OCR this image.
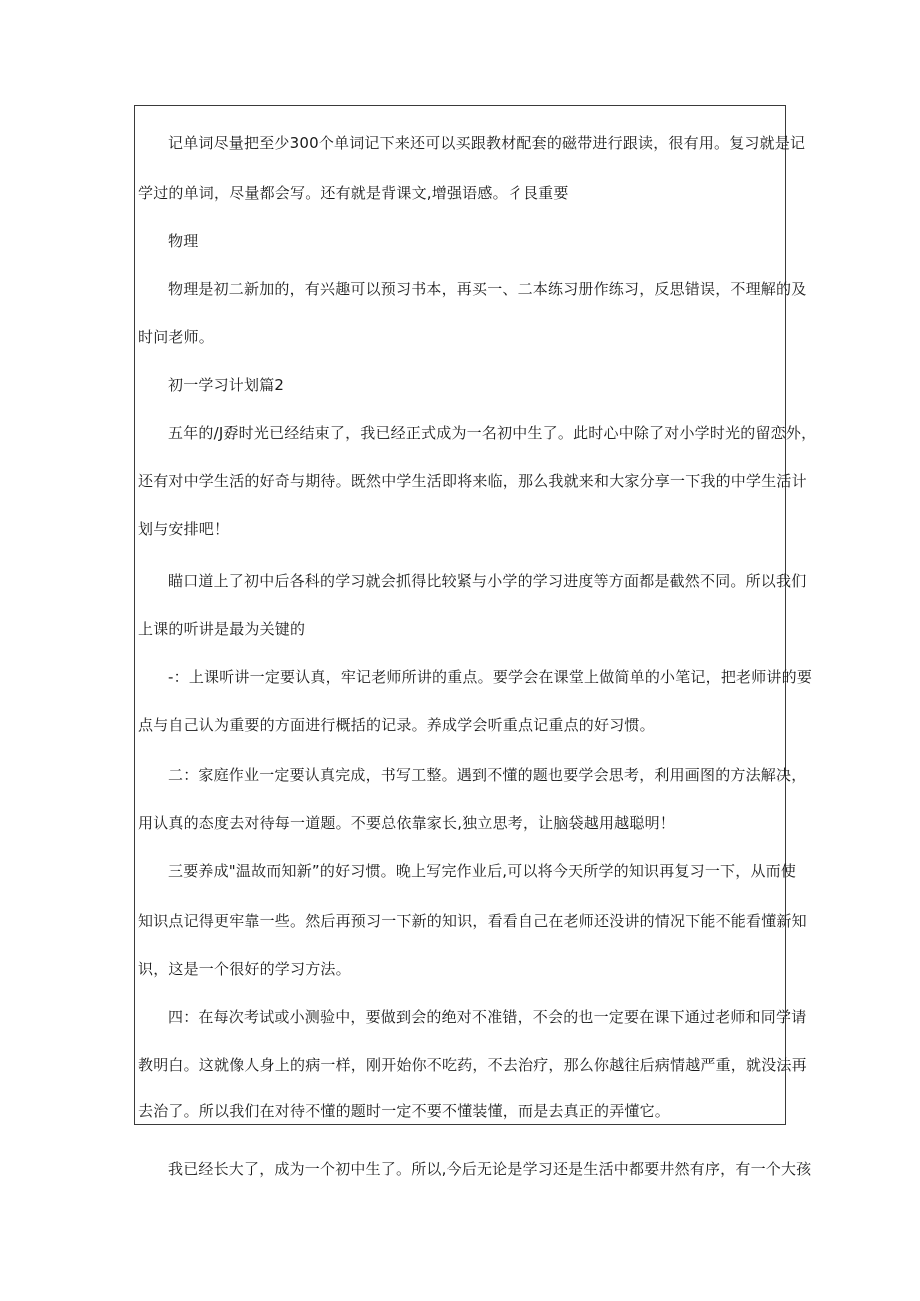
记单词尽量把至少300个单词记下来还可以买跟教材配套的磁带进行跟读，很有用。复习就是记
学过的单词，尽量都会写。还有就是背课文,增强语感。彳艮重要
物理
物理是初二新加的，有兴趣可以预习书本，再买一、二本练习册作练习，反思错误，不理解的及
时问老师。
初一学习计划篇2
五年的/J孬时光已经结束了，我已经正式成为一名初中生了。此时心中除了对小学时光的留恋外，
还有对中学生活的好奇与期待。既然中学生活即将来临，那么我就来和大家分享一下我的中学生活计
划与安排吧！
瞄口道上了初中后各科的学习就会抓得比较紧与小学的学习进度等方面都是截然不同。所以我们
上课的听讲是最为关键的
-：上课听讲一定要认真，牢记老师所讲的重点。要学会在课堂上做简单的小笔记，把老师讲的要
点与自己认为重要的方面进行概括的记录。养成学会听重点记重点的好习惯。
二：家庭作业一定要认真完成，书写工整。遇到不懂的题也要学会思考，利用画图的方法解决，
用认真的态度去对待每一道题。不要总依靠家长,独立思考，让脑袋越用越聪明！
三要养成"温故而知新”的好习惯。晚上写完作业后,可以将今天所学的知识再复习一下，从而使
知识点记得更牢靠一些。然后再预习一下新的知识，看看自己在老师还没讲的情况下能不能看懂新知
识，这是一个很好的学习方法。
四：在每次考试或小测验中，要做到会的绝对不准错，不会的也一定要在课下通过老师和同学请
教明白。这就像人身上的病一样，刚开始你不吃药，不去治疗，那么你越往后病情越严重，就没法再
去治了。所以我们在对待不懂的题时一定不要不懂装懂，而是去真正的弄懂它。
我已经长大了，成为一个初中生了。所以,今后无论是学习还是生活中都要井然有序，有一个大孩
